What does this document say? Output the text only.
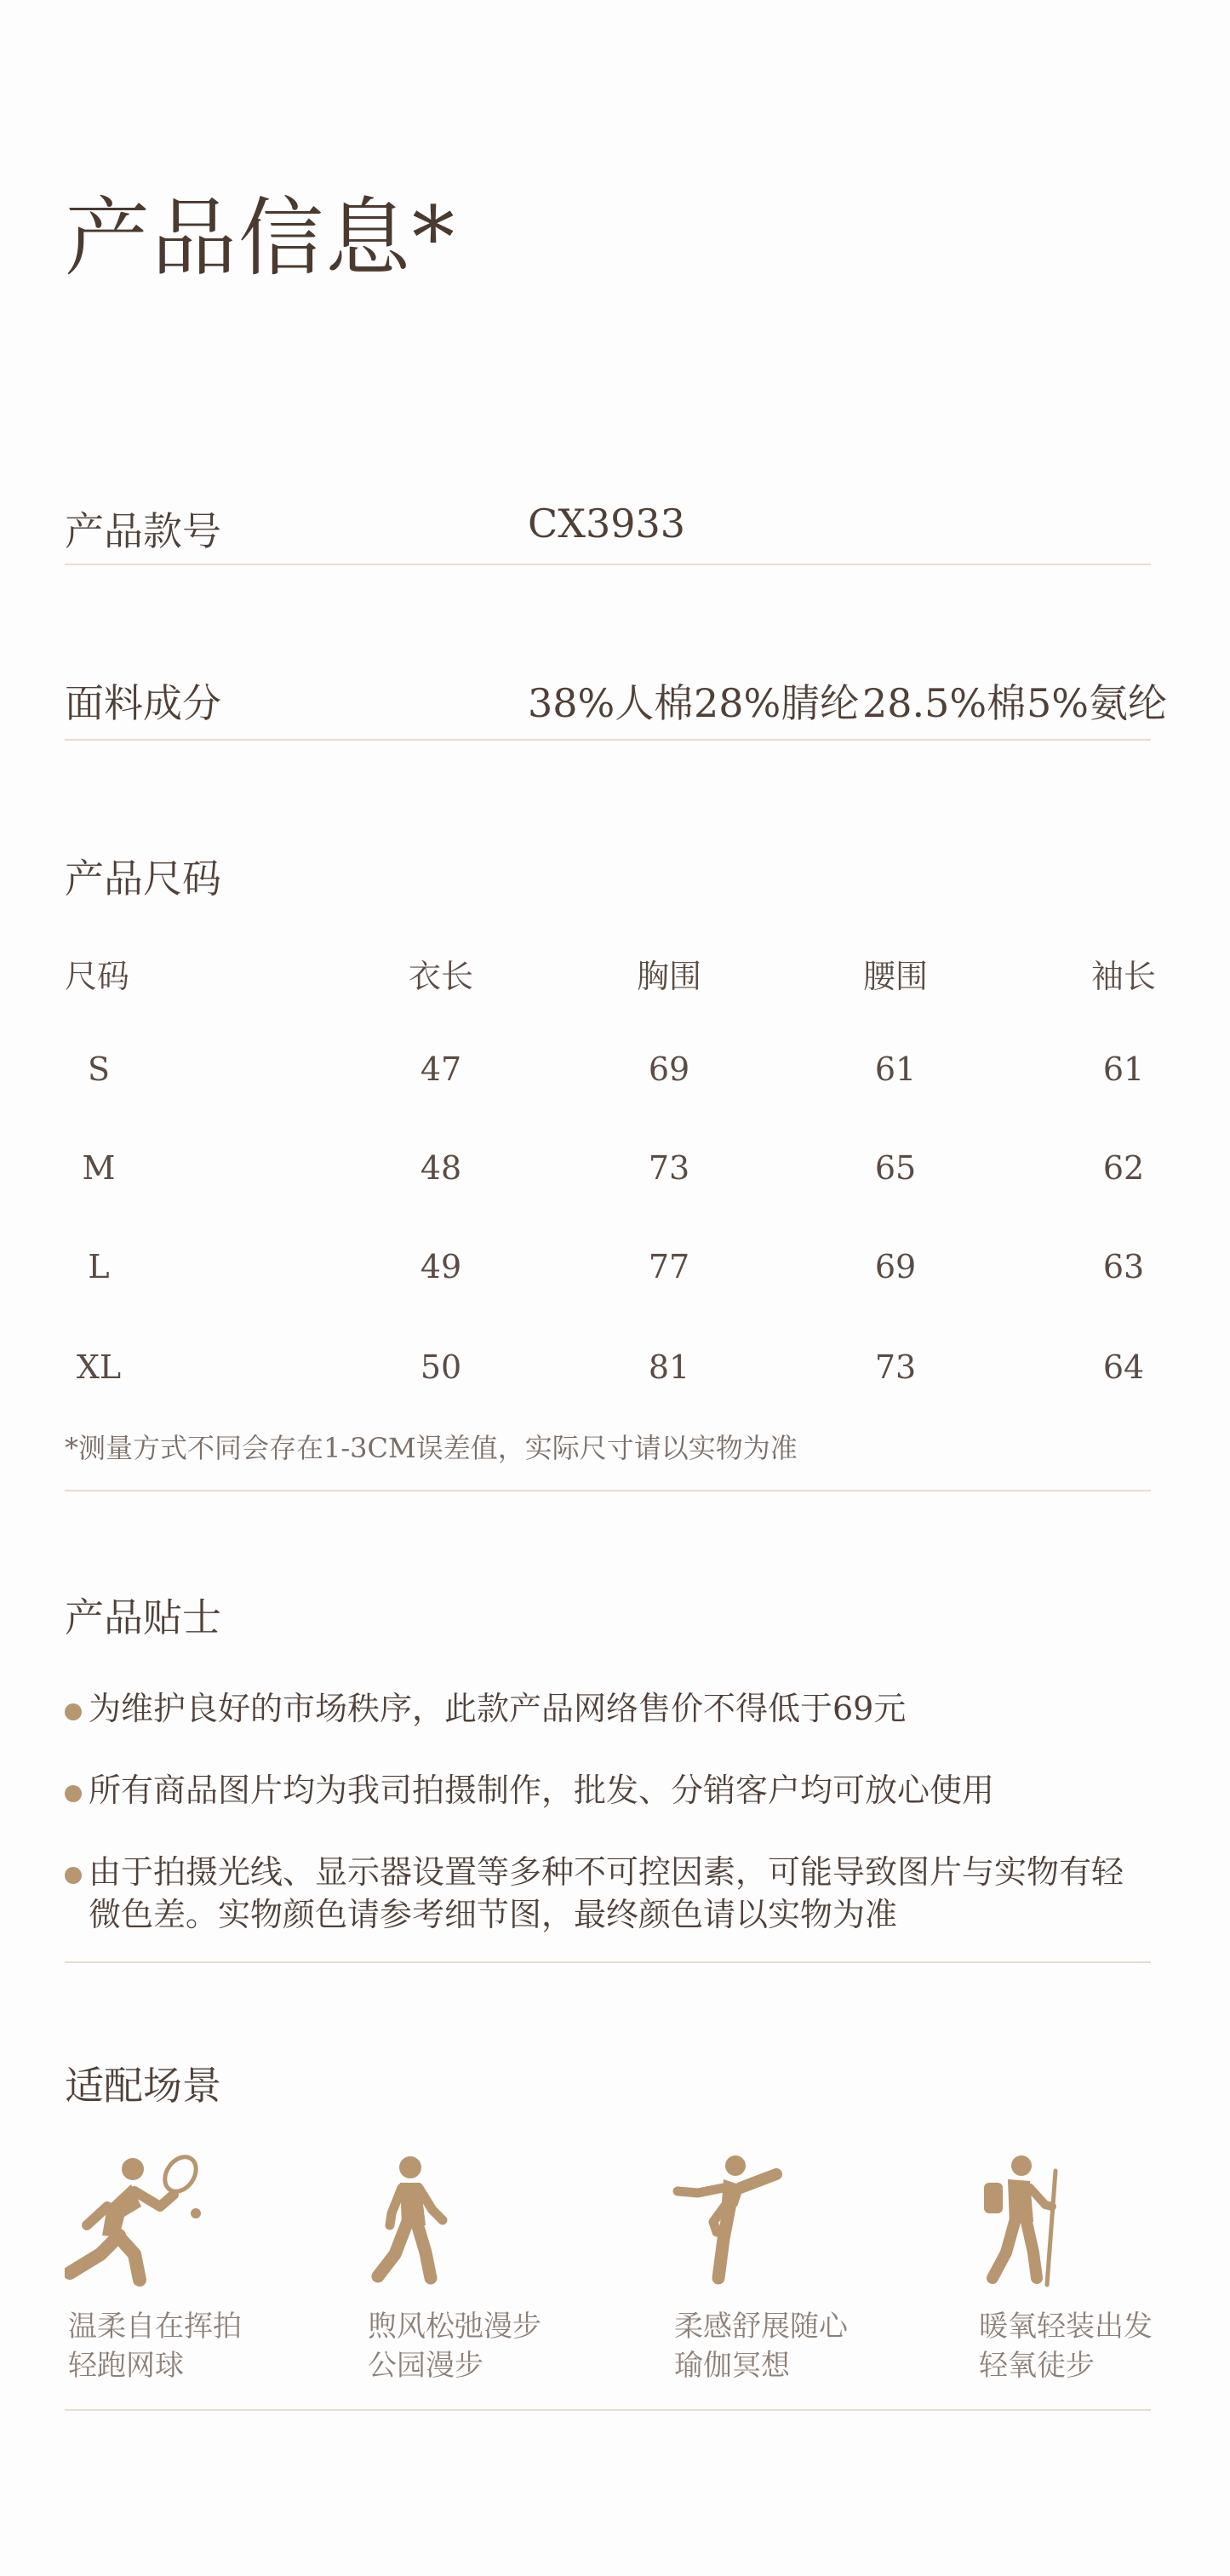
产品信息*
产品款号	CX3933
面料成分	38%人棉 28%腈纶 28.5%棉 5%氨纶
产品尺码
尺码	衣长	胸围	腰围	袖长
S	47	69	61	61
M	48	73	65	62
L	49	77	69	63
XL	50	81	73	64
*测量方式不同会存在1-3CM误差值，实际尺寸请以实物为准
产品贴士
为维护良好的市场秩序，此款产品网络售价不得低于69元
所有商品图片均为我司拍摄制作，批发、分销客户均可放心使用
由于拍摄光线、显示器设置等多种不可控因素，可能导致图片与实物有轻微色差。实物颜色请参考细节图，最终颜色请以实物为准
适配场景
温柔自在挥拍
轻跑网球
煦风松弛漫步
公园漫步
柔感舒展随心
瑜伽冥想
暖氧轻装出发
轻氧徒步
